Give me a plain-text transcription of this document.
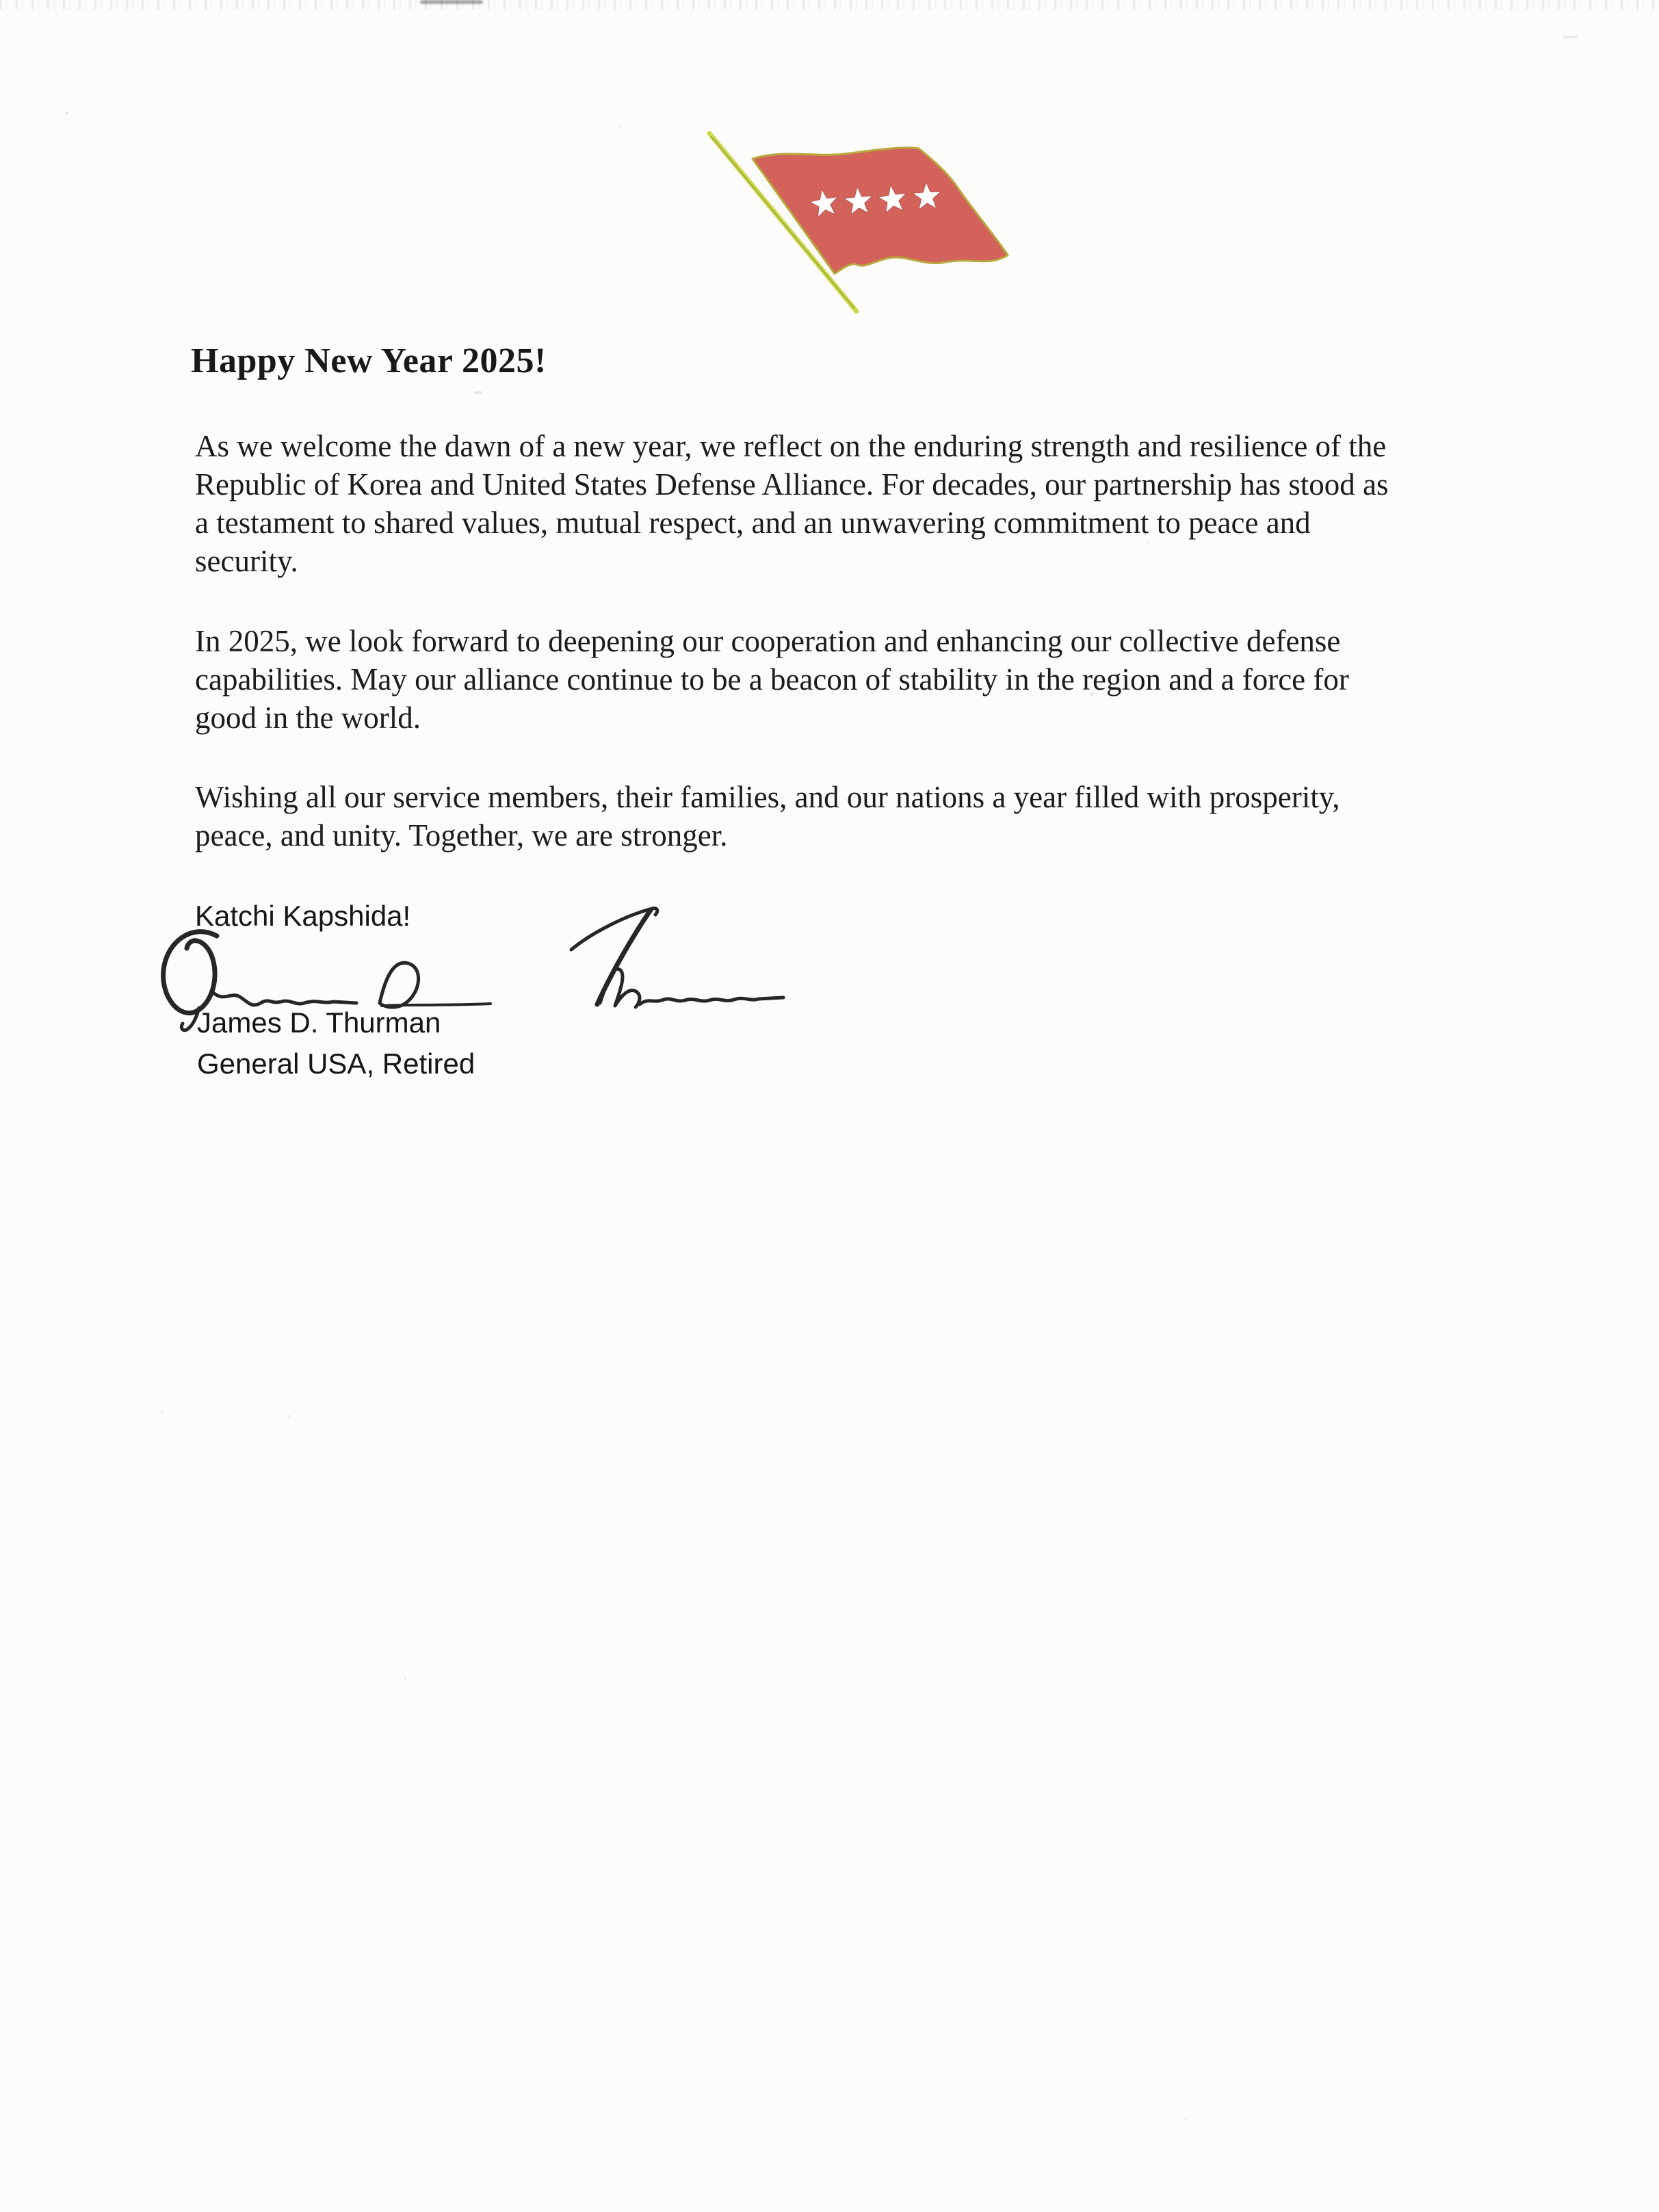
Happy New Year 2025!
As we welcome the dawn of a new year, we reflect on the enduring strength and resilience of the
Republic of Korea and United States Defense Alliance. For decades, our partnership has stood as
a testament to shared values, mutual respect, and an unwavering commitment to peace and
security.
In 2025, we look forward to deepening our cooperation and enhancing our collective defense
capabilities. May our alliance continue to be a beacon of stability in the region and a force for
good in the world.
Wishing all our service members, their families, and our nations a year filled with prosperity,
peace, and unity. Together, we are stronger.
Katchi Kapshida!
James D. Thurman
General USA, Retired
